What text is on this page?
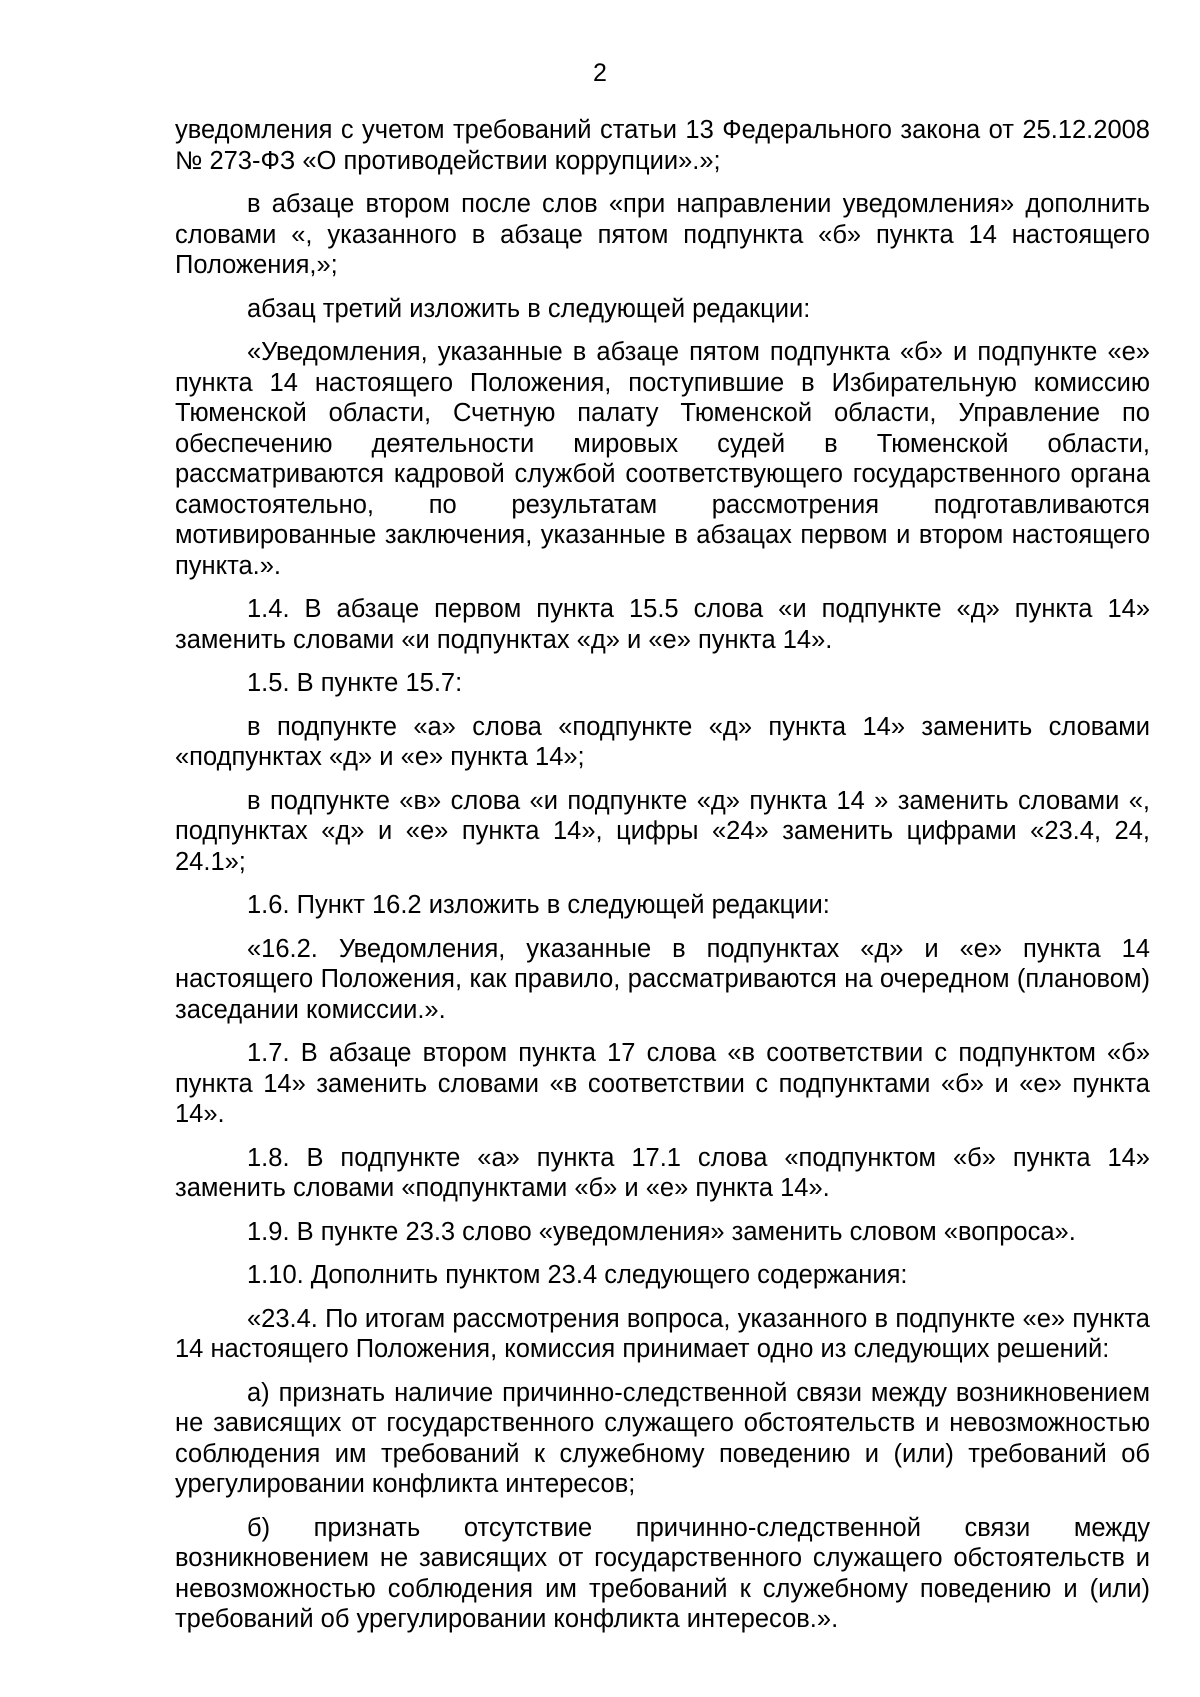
2

уведомления с учетом требований статьи 13 Федерального закона от 25.12.2008 № 273-ФЗ «О противодействии коррупции».»;

в абзаце втором после слов «при направлении уведомления» дополнить словами «, указанного в абзаце пятом подпункта «б» пункта 14 настоящего Положения,»;

абзац третий изложить в следующей редакции:

«Уведомления, указанные в абзаце пятом подпункта «б» и подпункте «е» пункта 14 настоящего Положения, поступившие в Избирательную комиссию Тюменской области, Счетную палату Тюменской области, Управление по обеспечению деятельности мировых судей в Тюменской области, рассматриваются кадровой службой соответствующего государственного органа самостоятельно, по результатам рассмотрения подготавливаются мотивированные заключения, указанные в абзацах первом и втором настоящего пункта.».

1.4. В абзаце первом пункта 15.5 слова «и подпункте «д» пункта 14» заменить словами «и подпунктах «д» и «е» пункта 14».

1.5. В пункте 15.7:

в подпункте «а» слова «подпункте «д» пункта 14» заменить словами «подпунктах «д» и «е» пункта 14»;

в подпункте «в» слова «и подпункте «д» пункта 14 » заменить словами «, подпунктах «д» и «е» пункта 14», цифры «24» заменить цифрами «23.4, 24, 24.1»;

1.6. Пункт 16.2 изложить в следующей редакции:

«16.2. Уведомления, указанные в подпунктах «д» и «е» пункта 14 настоящего Положения, как правило, рассматриваются на очередном (плановом) заседании комиссии.».

1.7. В абзаце втором пункта 17 слова «в соответствии с подпунктом «б» пункта 14» заменить словами «в соответствии с подпунктами «б» и «е» пункта 14».

1.8. В подпункте «а» пункта 17.1 слова «подпунктом «б» пункта 14» заменить словами «подпунктами «б» и «е» пункта 14».

1.9. В пункте 23.3 слово «уведомления» заменить словом «вопроса».

1.10. Дополнить пунктом 23.4 следующего содержания:

«23.4. По итогам рассмотрения вопроса, указанного в подпункте «е» пункта 14 настоящего Положения, комиссия принимает одно из следующих решений:

а) признать наличие причинно-следственной связи между возникновением не зависящих от государственного служащего обстоятельств и невозможностью соблюдения им требований к служебному поведению и (или) требований об урегулировании конфликта интересов;

б) признать отсутствие причинно-следственной связи между возникновением не зависящих от государственного служащего обстоятельств и невозможностью соблюдения им требований к служебному поведению и (или) требований об урегулировании конфликта интересов.».
